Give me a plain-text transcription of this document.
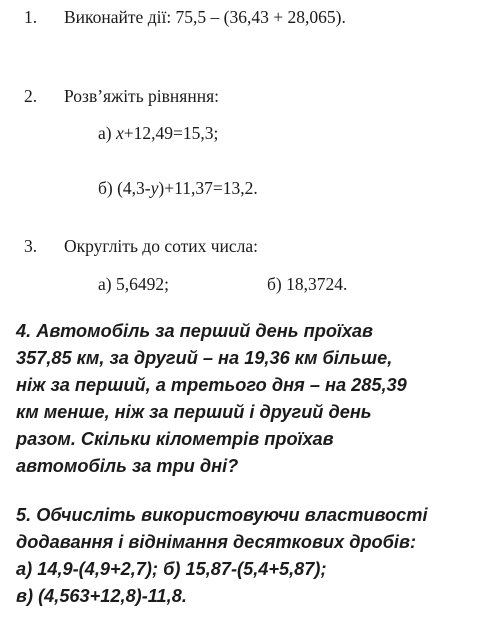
1. Виконайте дії: 75,5 – (36,43 + 28,065).
2. Розв’яжіть рівняння:
а) x+12,49=15,3;
б) (4,3-y)+11,37=13,2.
3. Округліть до сотих числа:
а) 5,6492;	б) 18,3724.
4. Автомобіль за перший день проїхав
357,85 км, за другий – на 19,36 км більше,
ніж за перший, а третього дня – на 285,39
км менше, ніж за перший і другий день
разом. Скільки кілометрів проїхав
автомобіль за три дні?
5. Обчисліть використовуючи властивості
додавання і віднімання десяткових дробів:
а) 14,9-(4,9+2,7); б) 15,87-(5,4+5,87);
в) (4,563+12,8)-11,8.
